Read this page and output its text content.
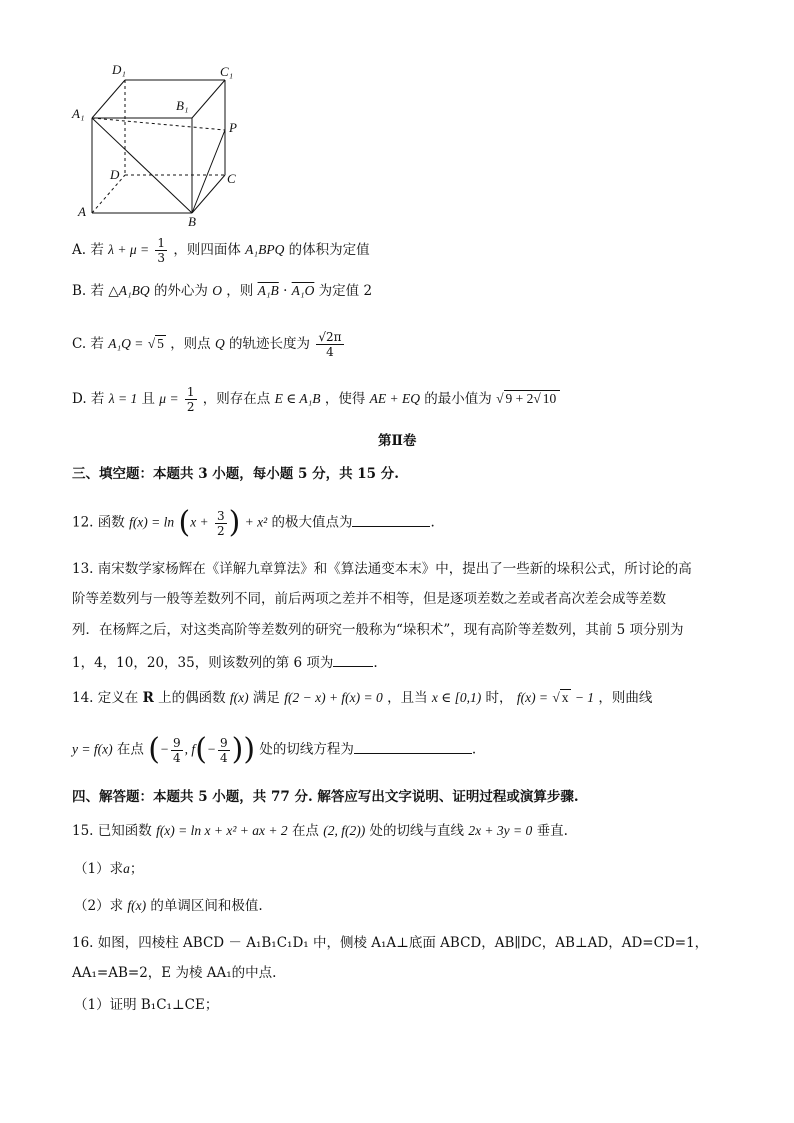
D₁	C₁
B₁
A₁
P
D	C
A
B
A. 若 $\lambda + \mu = \frac{1}{3}$ ，则四面体 A₁BPQ 的体积为定值
B. 若 △A₁BQ 的外心为 O ，则 A₁B · A₁O 为定值 2
C. 若 A₁Q = √ 5 ，则点 Q 的轨迹长度为 $\frac{√2\pi}{4}$
D. 若 λ = 1 且 $\mu = \frac{1}{2}$ ，则存在点 E ∈ A₁B ，使得 AE + EQ 的最小值为 √ 9 + 2√ 10
第Ⅱ卷
三、填空题：本题共 3 小题，每小题 5 分，共 15 分.
12. 函数 $f(x) = \ln (x + \frac{3}{2}$ ) + x² 的极大值点为	.
13. 南宋数学家杨辉在《详解九章算法》和《算法通变本末》中，提出了一些新的垛积公式，所讨论的高
阶等差数列与一般等差数列不同，前后两项之差并不相等，但是逐项差数之差或者高次差会成等差数
列．在杨辉之后，对这类高阶等差数列的研究一般称为“垛积术”，现有高阶等差数列，其前 5 项分别为
1，4，10，20，35，则该数列的第 6 项为	.
14. 定义在 R 上的偶函数 f(x) 满足 f(2 − x) + f(x) = 0 ，且当 x ∈ [0,1) 时， f(x) = √ x − 1 ，则曲线
y = f(x) 在点 (− $\frac{9}{4}$ , $f(- \frac{9}{4}$ )) 处的切线方程为	.
四、解答题：本题共 5 小题，共 77 分. 解答应写出文字说明、证明过程或演算步骤.
15. 已知函数 f(x) = ln x + x² + ax + 2 在点 (2, f(2)) 处的切线与直线 2x + 3y = 0 垂直.
（1）求a；
（2）求 f(x) 的单调区间和极值.
16. 如图，四棱柱 ABCD － A₁B₁C₁D₁ 中，侧棱 A₁A⊥底面 ABCD，AB∥DC，AB⊥AD，AD=CD=1，
AA₁=AB=2，E 为棱 AA₁的中点.
（1）证明 B₁C₁⊥CE；
